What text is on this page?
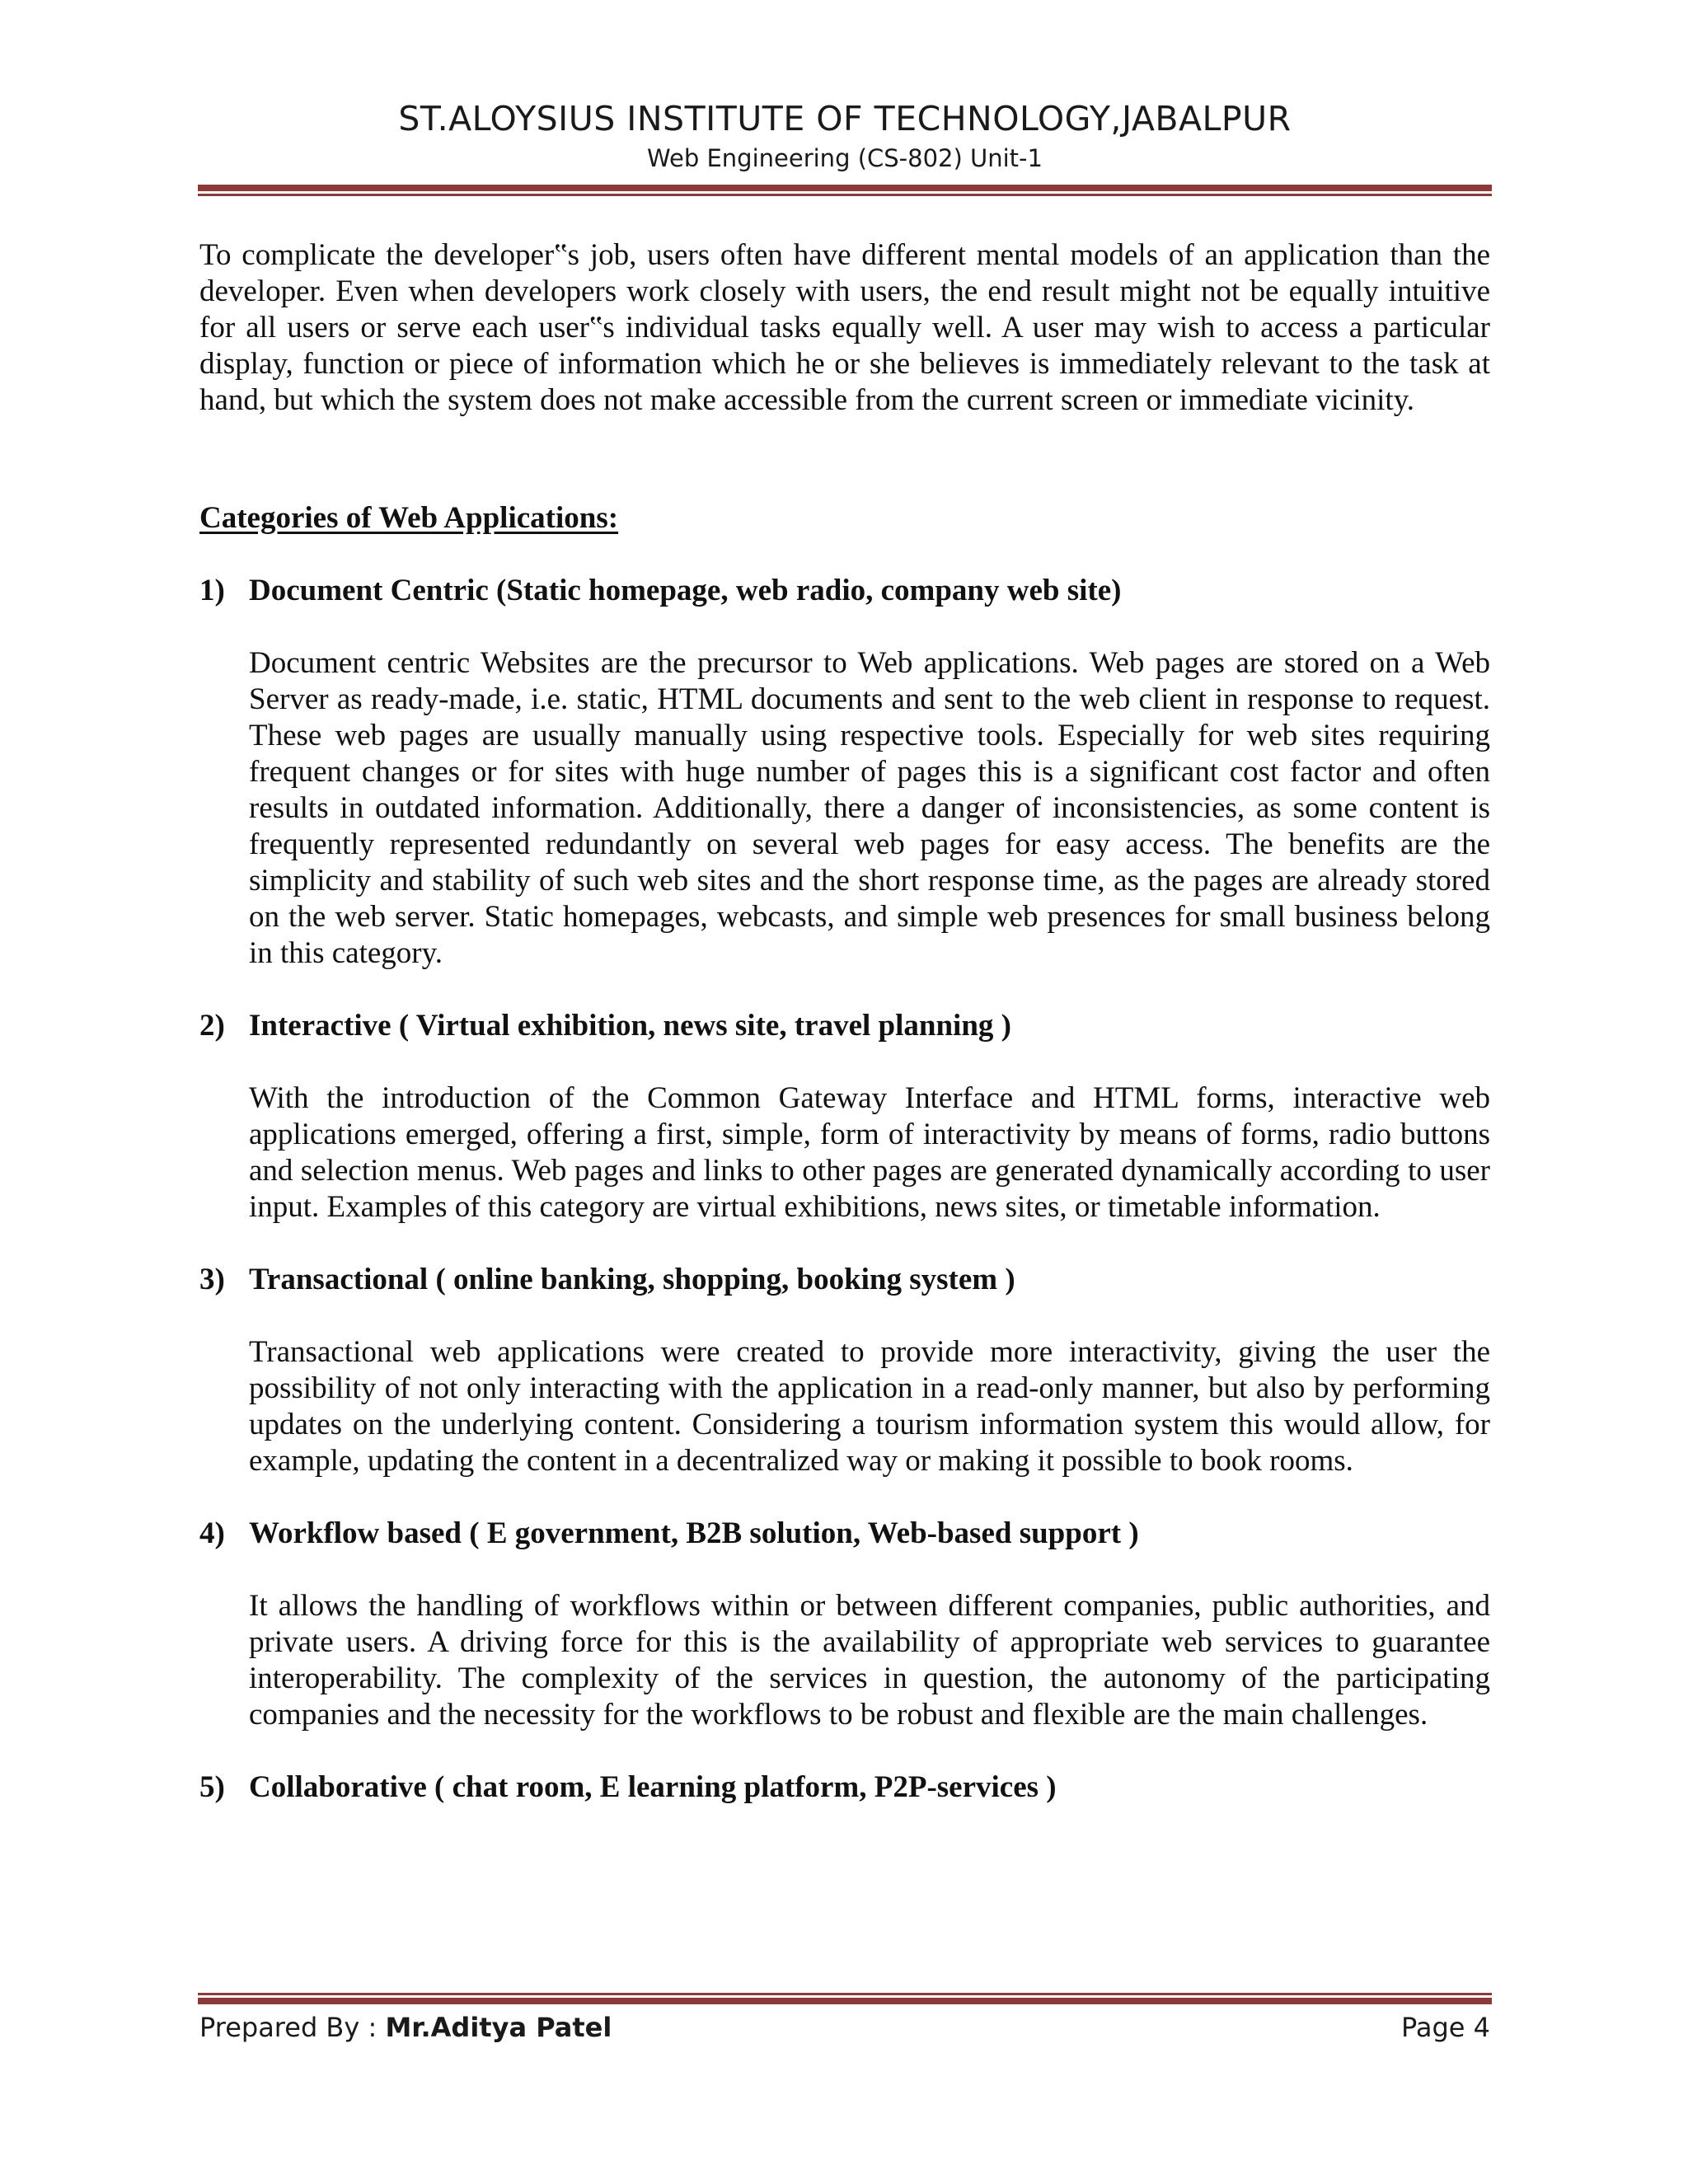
ST.ALOYSIUS INSTITUTE OF TECHNOLOGY,JABALPUR
Web Engineering (CS-802) Unit-1

To complicate the developer‟s job, users often have different mental models of an application than the developer. Even when developers work closely with users, the end result might not be equally intuitive for all users or serve each user‟s individual tasks equally well. A user may wish to access a particular display, function or piece of information which he or she believes is immediately relevant to the task at hand, but which the system does not make accessible from the current screen or immediate vicinity.

Categories of Web Applications:

1) Document Centric (Static homepage, web radio, company web site)

Document centric Websites are the precursor to Web applications. Web pages are stored on a Web Server as ready-made, i.e. static, HTML documents and sent to the web client in response to request. These web pages are usually manually using respective tools. Especially for web sites requiring frequent changes or for sites with huge number of pages this is a significant cost factor and often results in outdated information. Additionally, there a danger of inconsistencies, as some content is frequently represented redundantly on several web pages for easy access. The benefits are the simplicity and stability of such web sites and the short response time, as the pages are already stored on the web server. Static homepages, webcasts, and simple web presences for small business belong in this category.

2) Interactive ( Virtual exhibition, news site, travel planning )

With the introduction of the Common Gateway Interface and HTML forms, interactive web applications emerged, offering a first, simple, form of interactivity by means of forms, radio buttons and selection menus. Web pages and links to other pages are generated dynamically according to user input. Examples of this category are virtual exhibitions, news sites, or timetable information.

3) Transactional ( online banking, shopping, booking system )

Transactional web applications were created to provide more interactivity, giving the user the possibility of not only interacting with the application in a read-only manner, but also by performing updates on the underlying content. Considering a tourism information system this would allow, for example, updating the content in a decentralized way or making it possible to book rooms.

4) Workflow based ( E government, B2B solution, Web-based support )

It allows the handling of workflows within or between different companies, public authorities, and private users. A driving force for this is the availability of appropriate web services to guarantee interoperability. The complexity of the services in question, the autonomy of the participating companies and the necessity for the workflows to be robust and flexible are the main challenges.

5) Collaborative ( chat room, E learning platform, P2P-services )

Prepared By : Mr.Aditya Patel	Page 4
